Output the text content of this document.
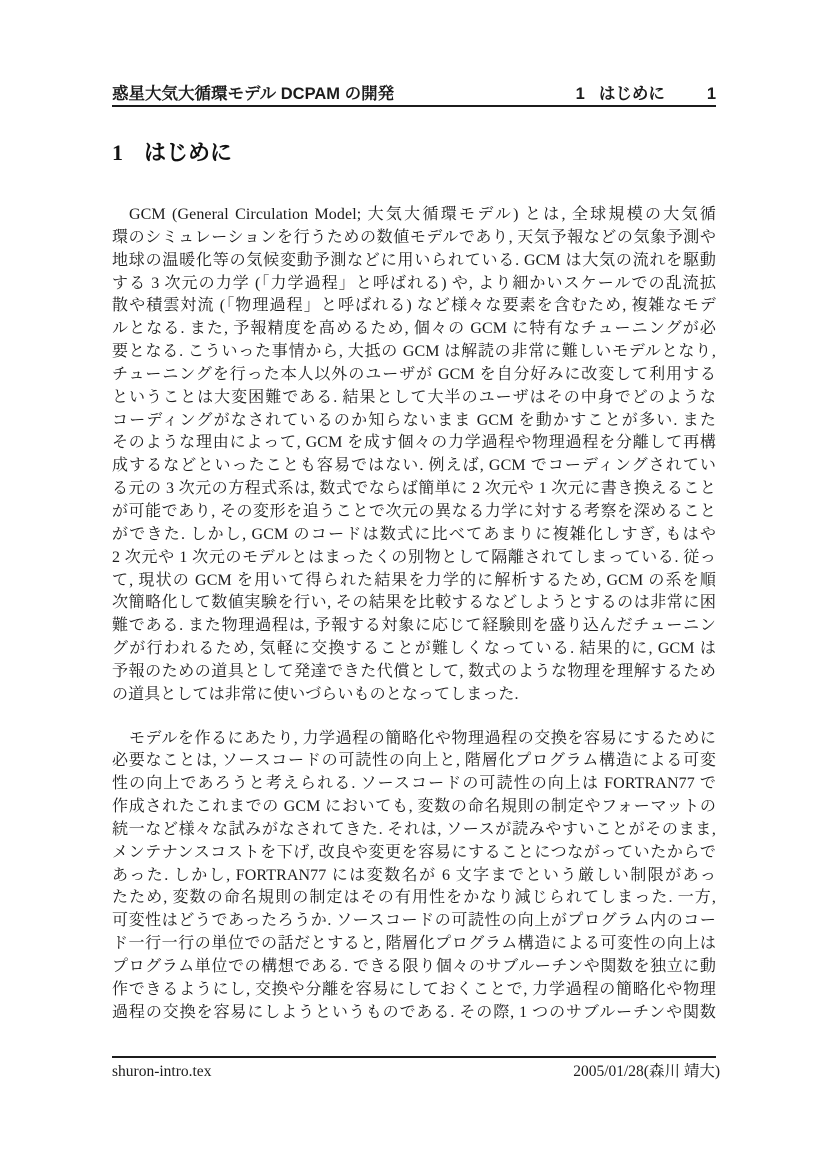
惑星大気大循環モデル DCPAM の開発	1 はじめに	1
1 はじめに
GCM (General Circulation Model; 大気大循環モデル) とは, 全球規模の大気循
環のシミュレーションを行うための数値モデルであり, 天気予報などの気象予測や
地球の温暖化等の気候変動予測などに用いられている. GCM は大気の流れを駆動
する 3 次元の力学 (「力学過程」と呼ばれる) や, より細かいスケールでの乱流拡
散や積雲対流 (「物理過程」と呼ばれる) など様々な要素を含むため, 複雑なモデ
ルとなる. また, 予報精度を高めるため, 個々の GCM に特有なチューニングが必
要となる. こういった事情から, 大抵の GCM は解読の非常に難しいモデルとなり,
チューニングを行った本人以外のユーザが GCM を自分好みに改変して利用する
ということは大変困難である. 結果として大半のユーザはその中身でどのような
コーディングがなされているのか知らないまま GCM を動かすことが多い. また
そのような理由によって, GCM を成す個々の力学過程や物理過程を分離して再構
成するなどといったことも容易ではない. 例えば, GCM でコーディングされてい
る元の 3 次元の方程式系は, 数式でならば簡単に 2 次元や 1 次元に書き換えること
が可能であり, その変形を追うことで次元の異なる力学に対する考察を深めること
ができた. しかし, GCM のコードは数式に比べてあまりに複雑化しすぎ, もはや
2 次元や 1 次元のモデルとはまったくの別物として隔離されてしまっている. 従っ
て, 現状の GCM を用いて得られた結果を力学的に解析するため, GCM の系を順
次簡略化して数値実験を行い, その結果を比較するなどしようとするのは非常に困
難である. また物理過程は, 予報する対象に応じて経験則を盛り込んだチューニン
グが行われるため, 気軽に交換することが難しくなっている. 結果的に, GCM は
予報のための道具として発達できた代償として, 数式のような物理を理解するため
の道具としては非常に使いづらいものとなってしまった.
モデルを作るにあたり, 力学過程の簡略化や物理過程の交換を容易にするために
必要なことは, ソースコードの可読性の向上と, 階層化プログラム構造による可変
性の向上であろうと考えられる. ソースコードの可読性の向上は FORTRAN77 で
作成されたこれまでの GCM においても, 変数の命名規則の制定やフォーマットの
統一など様々な試みがなされてきた. それは, ソースが読みやすいことがそのまま,
メンテナンスコストを下げ, 改良や変更を容易にすることにつながっていたからで
あった. しかし, FORTRAN77 には変数名が 6 文字までという厳しい制限があっ
たため, 変数の命名規則の制定はその有用性をかなり減じられてしまった. 一方,
可変性はどうであったろうか. ソースコードの可読性の向上がプログラム内のコー
ド一行一行の単位での話だとすると, 階層化プログラム構造による可変性の向上は
プログラム単位での構想である. できる限り個々のサブルーチンや関数を独立に動
作できるようにし, 交換や分離を容易にしておくことで, 力学過程の簡略化や物理
過程の交換を容易にしようというものである. その際, 1 つのサブルーチンや関数
shuron-intro.tex	2005/01/28(森川 靖大)
